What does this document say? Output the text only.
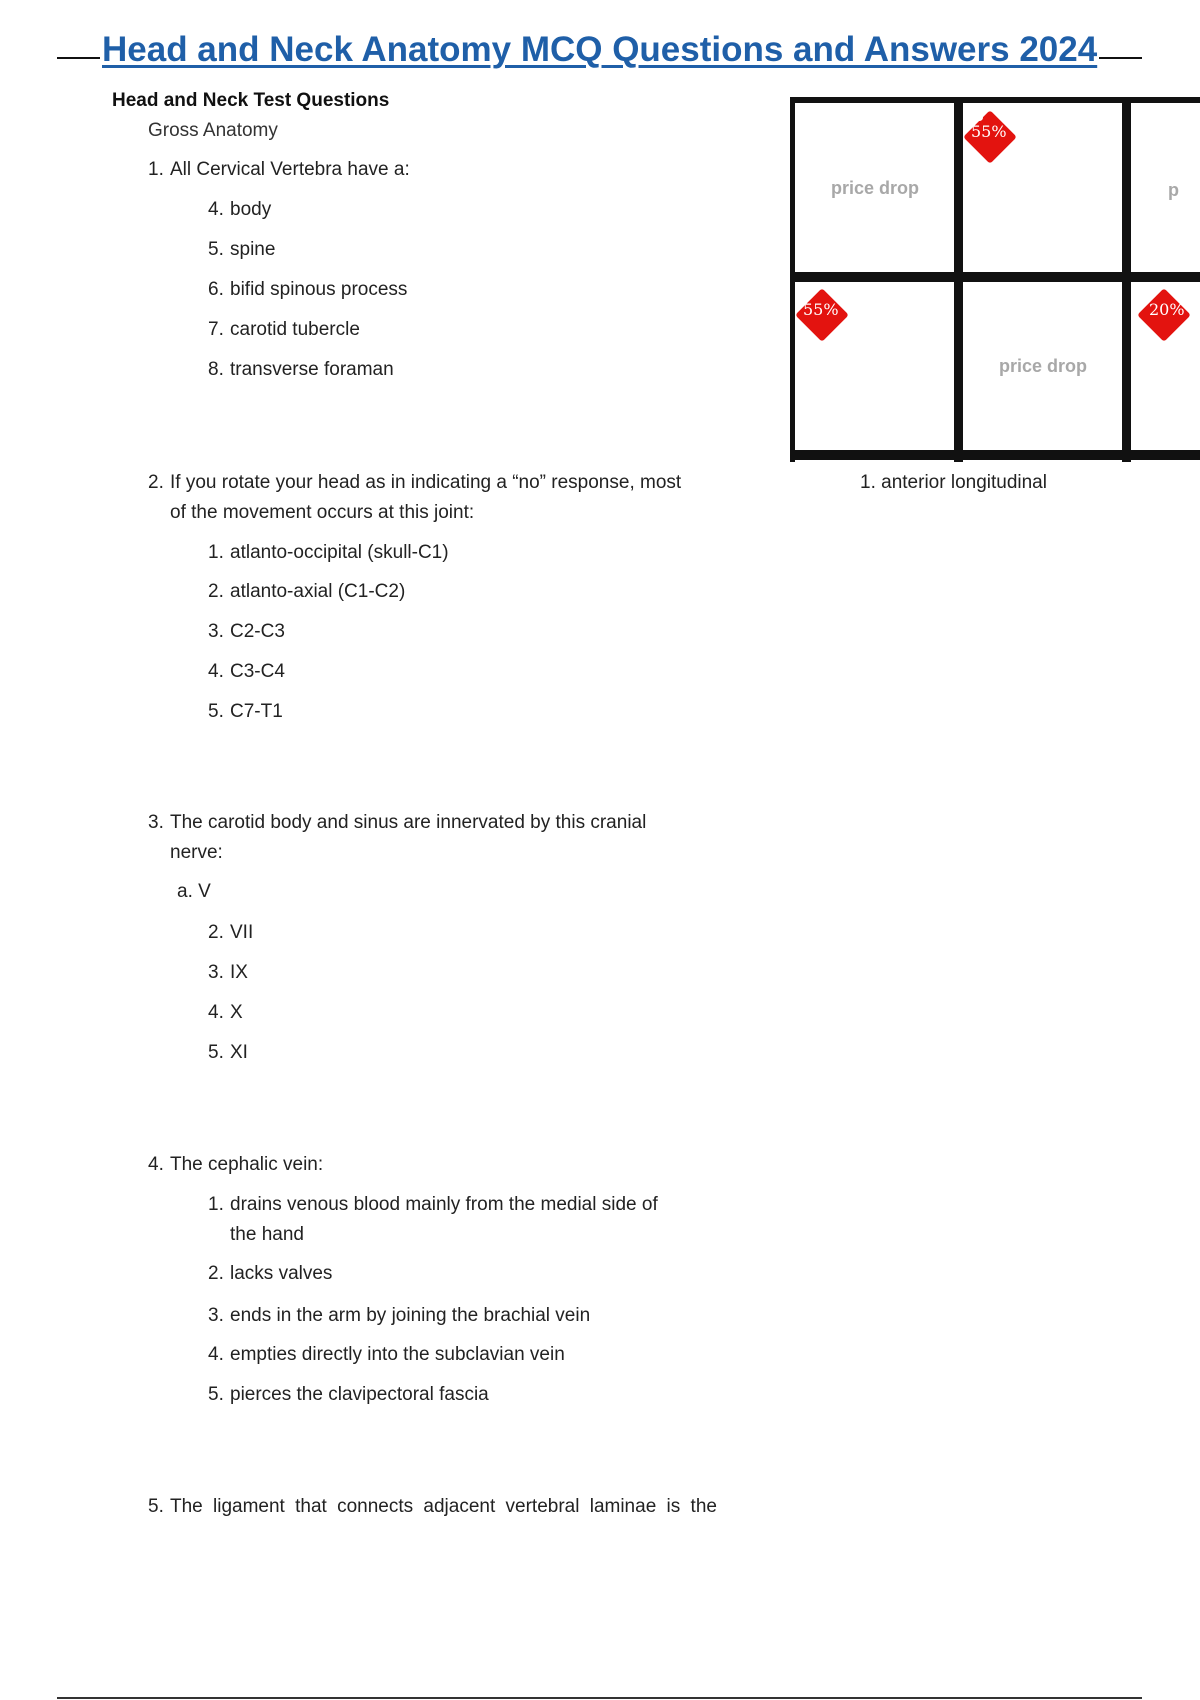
Head and Neck Anatomy MCQ Questions and Answers 2024
Head and Neck Test Questions
Gross Anatomy
1. All Cervical Vertebra have a:
4. body
5. spine
6. bifid spinous process
7. carotid tubercle
8. transverse foraman
2. If you rotate your head as in indicating a “no” response, most
of the movement occurs at this joint:
1. atlanto-occipital (skull-C1)
2. atlanto-axial (C1-C2)
3. C2-C3
4. C3-C4
5. C7-T1
3. The carotid body and sinus are innervated by this cranial
nerve:
a. V
2. VII
3. IX
4. X
5. XI
4. The cephalic vein:
1. drains venous blood mainly from the medial side of
the hand
2. lacks valves
3. ends in the arm by joining the brachial vein
4. empties directly into the subclavian vein
5. pierces the clavipectoral fascia
5. The ligament that connects adjacent vertebral laminae is the
price drop
price drop
p
55%
55%	20%
1. anterior longitudinal
